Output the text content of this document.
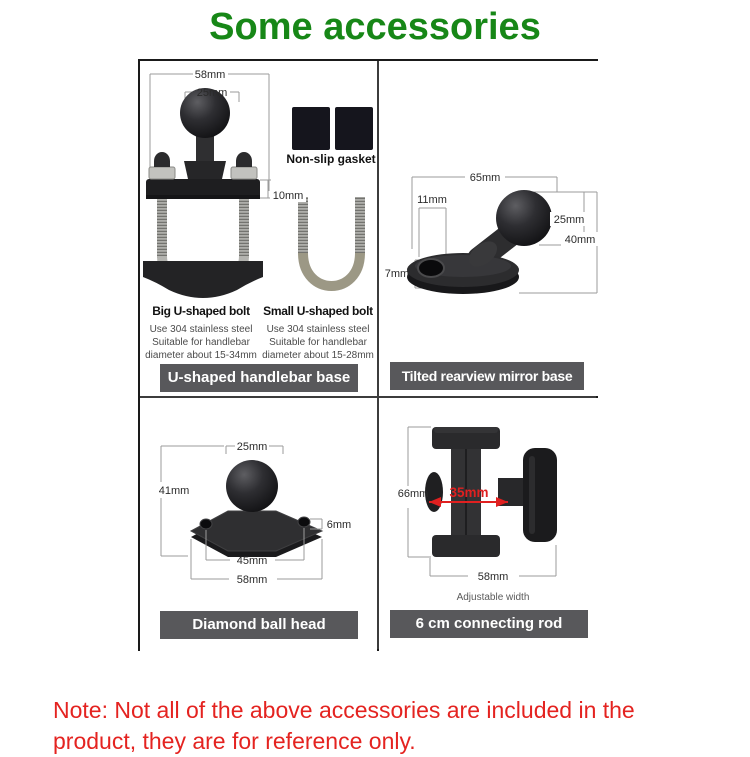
Some accessories
58mm
25mm
10mm
Non-slip gasket
Big U-shaped bolt	Small U-shaped bolt
Use 304 stainless steel
Suitable for handlebar
diameter about 15-34mm
Use 304 stainless steel
Suitable for handlebar
diameter about 15-28mm
U-shaped handlebar base
65mm
11mm
25mm
40mm
7mm
Tilted rearview mirror base
25mm
41mm
6mm
45mm
58mm
Diamond ball head
66mm 35mm
58mm
Adjustable width
6 cm connecting rod

Note: Not all of the above accessories are included in the product, they are for reference only.
